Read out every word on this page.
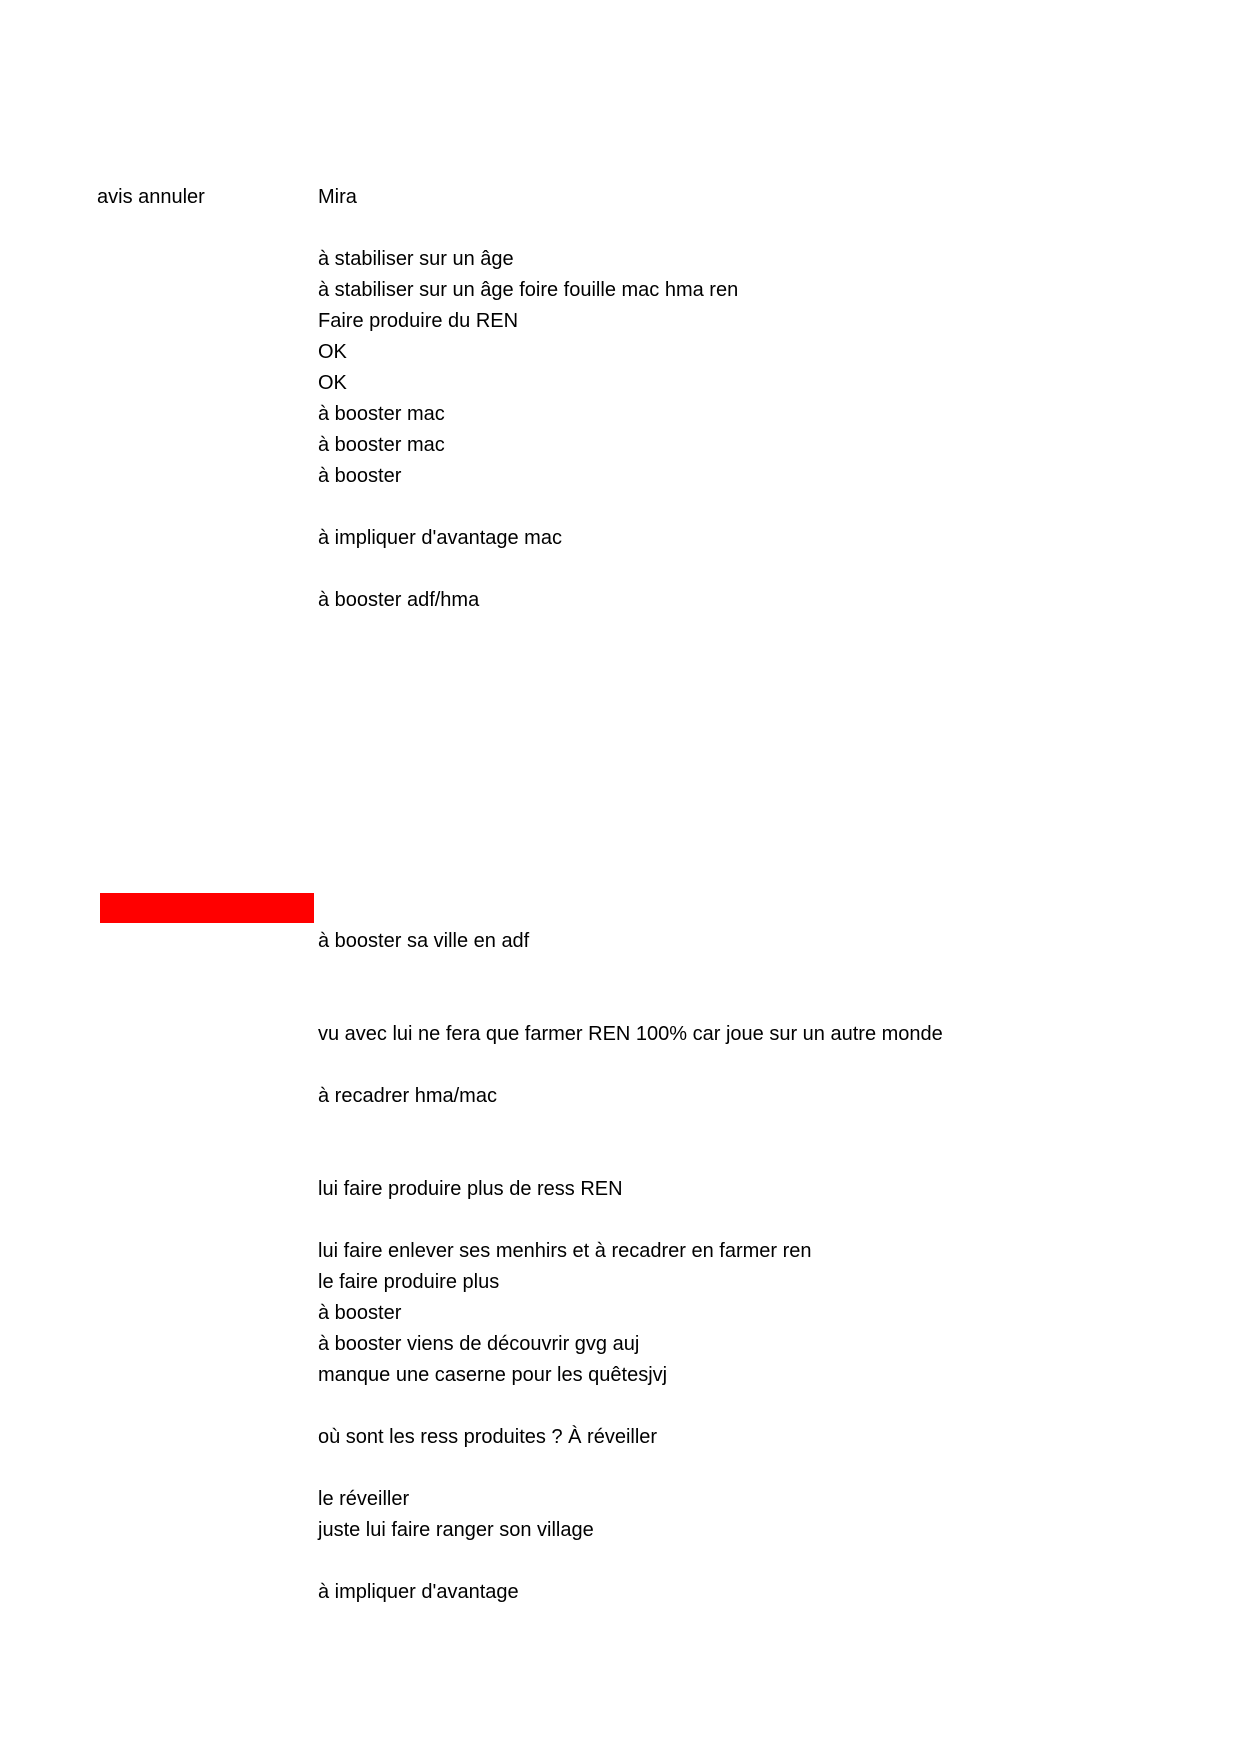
avis annuler	Mira
à stabiliser sur un âge
à stabiliser sur un âge foire fouille mac hma ren
Faire produire du REN
OK
OK
à booster mac
à booster mac
à booster
à impliquer d'avantage mac
à booster adf/hma
à booster sa ville en adf
vu avec lui ne fera que farmer REN 100% car joue sur un autre monde
à recadrer hma/mac
lui faire produire plus de ress REN
lui faire enlever ses menhirs et à recadrer en farmer ren
le faire produire plus
à booster
à booster viens de découvrir gvg auj
manque une caserne pour les quêtesjvj
où sont les ress produites ? À réveiller
le réveiller
juste lui faire ranger son village
à impliquer d'avantage
